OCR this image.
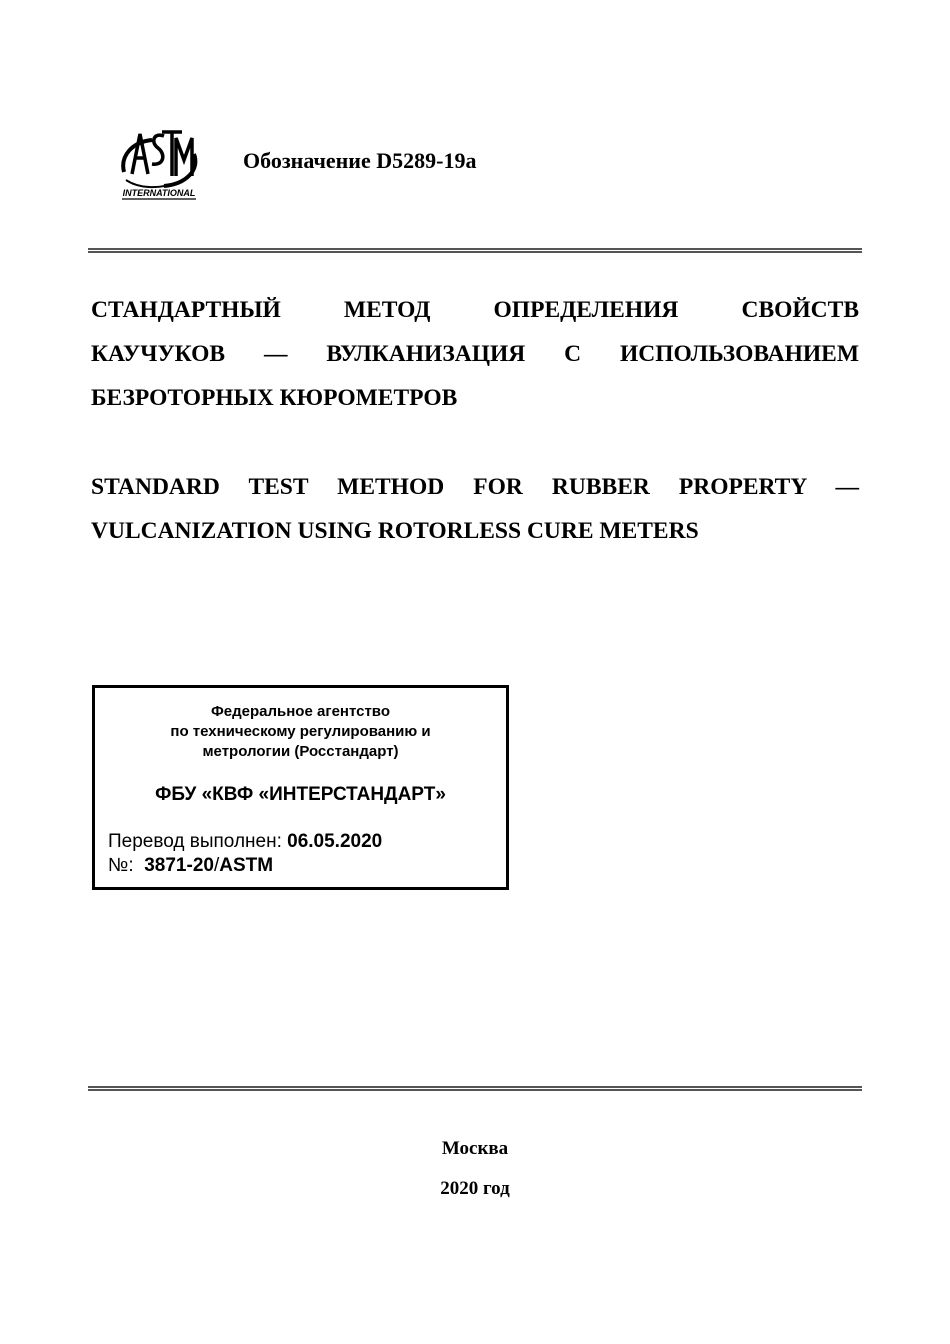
INTERNATIONAL
Обозначение D5289-19a
СТАНДАРТНЫЙ МЕТОД ОПРЕДЕЛЕНИЯ СВОЙСТВ
КАУЧУКОВ — ВУЛКАНИЗАЦИЯ С ИСПОЛЬЗОВАНИЕМ
БЕЗРОТОРНЫХ КЮРОМЕТРОВ
STANDARD TEST METHOD FOR RUBBER PROPERTY —
VULCANIZATION USING ROTORLESS CURE METERS
Федеральное агентство
по техническому регулированию и
метрологии (Росстандарт)
ФБУ «КВФ «ИНТЕРСТАНДАРТ»
Перевод выполнен: 06.05.2020
№: 3871-20/ASTM
Москва
2020 год
